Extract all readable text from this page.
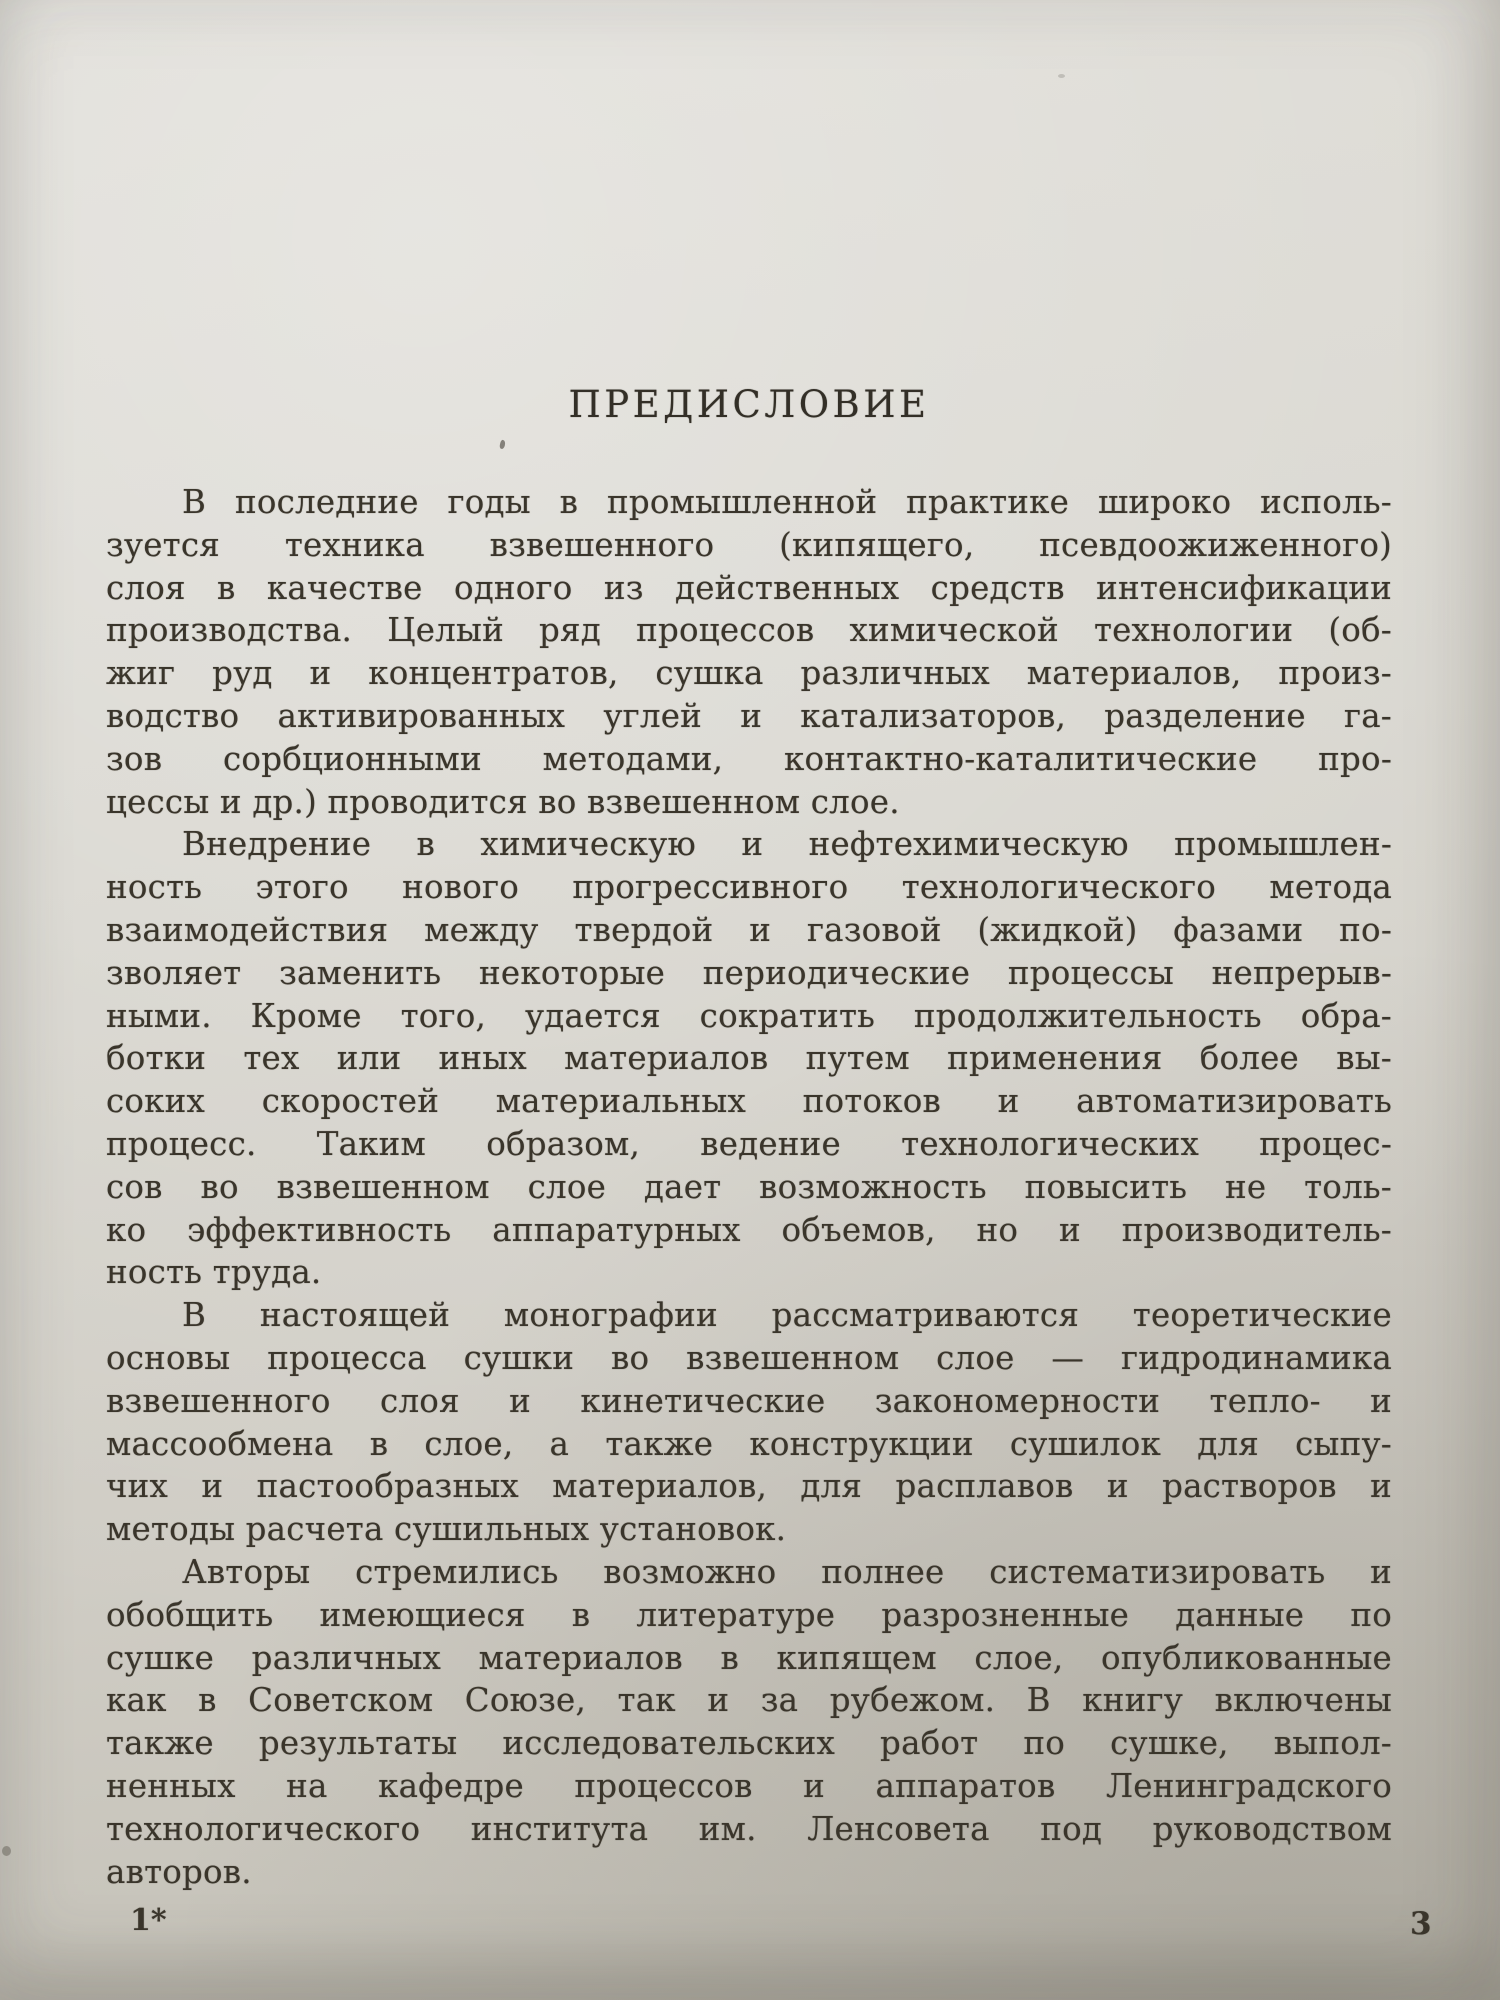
ПРЕДИСЛОВИЕ
В последние годы в промышленной практике широко исполь-
зуется техника взвешенного (кипящего, псевдоожиженного)
слоя в качестве одного из действенных средств интенсификации
производства. Целый ряд процессов химической технологии (об-
жиг руд и концентратов, сушка различных материалов, произ-
водство активированных углей и катализаторов, разделение га-
зов сорбционными методами, контактно-каталитические про-
цессы и др.) проводится во взвешенном слое.
Внедрение в химическую и нефтехимическую промышлен-
ность этого нового прогрессивного технологического метода
взаимодействия между твердой и газовой (жидкой) фазами по-
зволяет заменить некоторые периодические процессы непрерыв-
ными. Кроме того, удается сократить продолжительность обра-
ботки тех или иных материалов путем применения более вы-
соких скоростей материальных потоков и автоматизировать
процесс. Таким образом, ведение технологических процес-
сов во взвешенном слое дает возможность повысить не толь-
ко эффективность аппаратурных объемов, но и производитель-
ность труда.
В настоящей монографии рассматриваются теоретические
основы процесса сушки во взвешенном слое — гидродинамика
взвешенного слоя и кинетические закономерности тепло- и
массообмена в слое, а также конструкции сушилок для сыпу-
чих и пастообразных материалов, для расплавов и растворов и
методы расчета сушильных установок.
Авторы стремились возможно полнее систематизировать и
обобщить имеющиеся в литературе разрозненные данные по
сушке различных материалов в кипящем слое, опубликованные
как в Советском Союзе, так и за рубежом. В книгу включены
также результаты исследовательских работ по сушке, выпол-
ненных на кафедре процессов и аппаратов Ленинградского
технологического института им. Ленсовета под руководством
авторов.
1*	3
